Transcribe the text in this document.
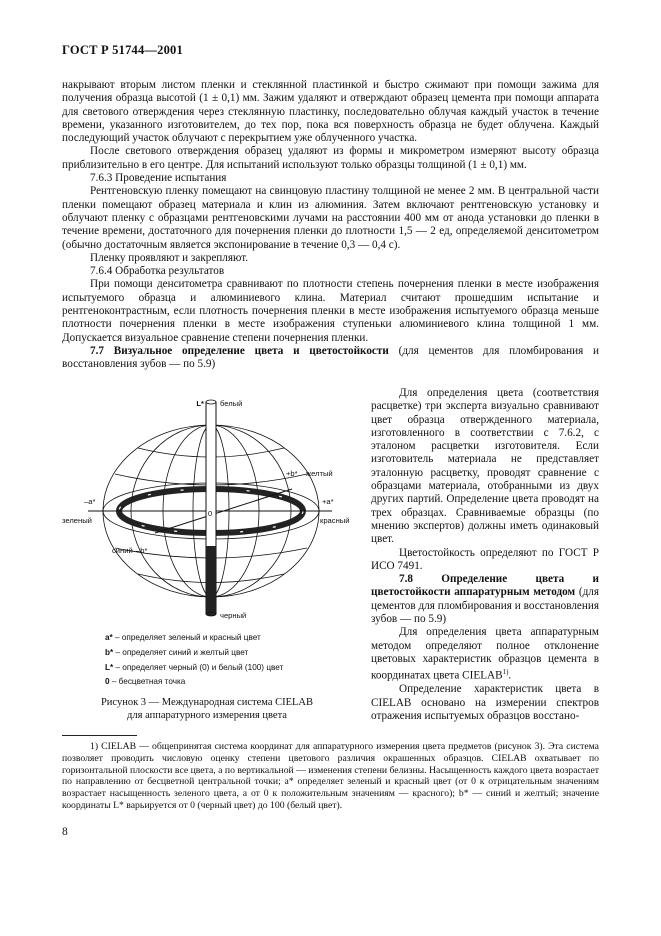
ГОСТ Р 51744—2001

накрывают вторым листом пленки и стеклянной пластинкой и быстро сжимают при помощи зажима для получения образца высотой (1 ± 0,1) мм. Зажим удаляют и отверждают образец цемента при помощи аппарата для светового отверждения через стеклянную пластинку, последовательно облучая каждый участок в течение времени, указанного изготовителем, до тех пор, пока вся поверхность образца не будет облучена. Каждый последующий участок облучают с перекрытием уже облученного участка.

После светового отверждения образец удаляют из формы и микрометром измеряют высоту образца приблизительно в его центре. Для испытаний используют только образцы толщиной (1 ± 0,1) мм.

7.6.3 Проведение испытания

Рентгеновскую пленку помещают на свинцовую пластину толщиной не менее 2 мм. В центральной части пленки помещают образец материала и клин из алюминия. Затем включают рентгеновскую установку и облучают пленку с образцами рентгеновскими лучами на расстоянии 400 мм от анода установки до пленки в течение времени, достаточного для почернения пленки до плотности 1,5 — 2 ед, определяемой денситометром (обычно достаточным является экспонирование в течение 0,3 — 0,4 с).

Пленку проявляют и закрепляют.

7.6.4 Обработка результатов

При помощи денситометра сравнивают по плотности степень почернения пленки в месте изображения испытуемого образца и алюминиевого клина. Материал считают прошедшим испытание и рентгеноконтрастным, если плотность почернения пленки в месте изображения испытуемого образца меньше плотности почернения пленки в месте изображения ступеньки алюминиевого клина толщиной 1 мм. Допускается визуальное сравнение степени почернения пленки.

7.7 Визуальное определение цвета и цветостойкости (для цементов для пломбирования и восстановления зубов — по 5.9)

L* белый
черный
–a*
зеленый
+a*
красный
+b* желтый
синий –b*
0
a* – определяет зеленый и красный цвет
b* – определяет синий и желтый цвет
L* – определяет черный (0) и белый (100) цвет
0 – бесцветная точка
Рисунок 3 — Международная система CIELAB
для аппаратурного измерения цвета

Для определения цвета (соответствия расцветке) три эксперта визуально сравнивают цвет образца отвержденного материала, изготовленного в соответствии с 7.6.2, с эталоном расцветки изготовителя. Если изготовитель материала не представляет эталонную расцветку, проводят сравнение с образцами материала, отобранными из двух других партий. Определение цвета проводят на трех образцах. Сравниваемые образцы (по мнению экспертов) должны иметь одинаковый цвет.

Цветостойкость определяют по ГОСТ Р ИСО 7491.

7.8 Определение цвета и цветостойкости аппаратурным методом (для цементов для пломбирования и восстановления зубов — по 5.9)

Для определения цвета аппаратурным методом определяют полное отклонение цветовых характеристик образцов цемента в координатах цвета CIELAB$^{1)}$.

Определение характеристик цвета в CIELAB основано на измерении спектров отражения испытуемых образцов восстано-

1) CIELAB — общепринятая система координат для аппаратурного измерения цвета предметов (рисунок 3). Эта система позволяет проводить числовую оценку степени цветового различия окрашенных образцов. CIELAB охватывает по горизонтальной плоскости все цвета, а по вертикальной — изменения степени белизны. Насыщенность каждого цвета возрастает по направлению от бесцветной центральной точки; a* определяет зеленый и красный цвет (от 0 к отрицательным значениям возрастает насыщенность зеленого цвета, а от 0 к положительным значениям — красного); b* — синий и желтый; значение координаты L* варьируется от 0 (черный цвет) до 100 (белый цвет).

8
